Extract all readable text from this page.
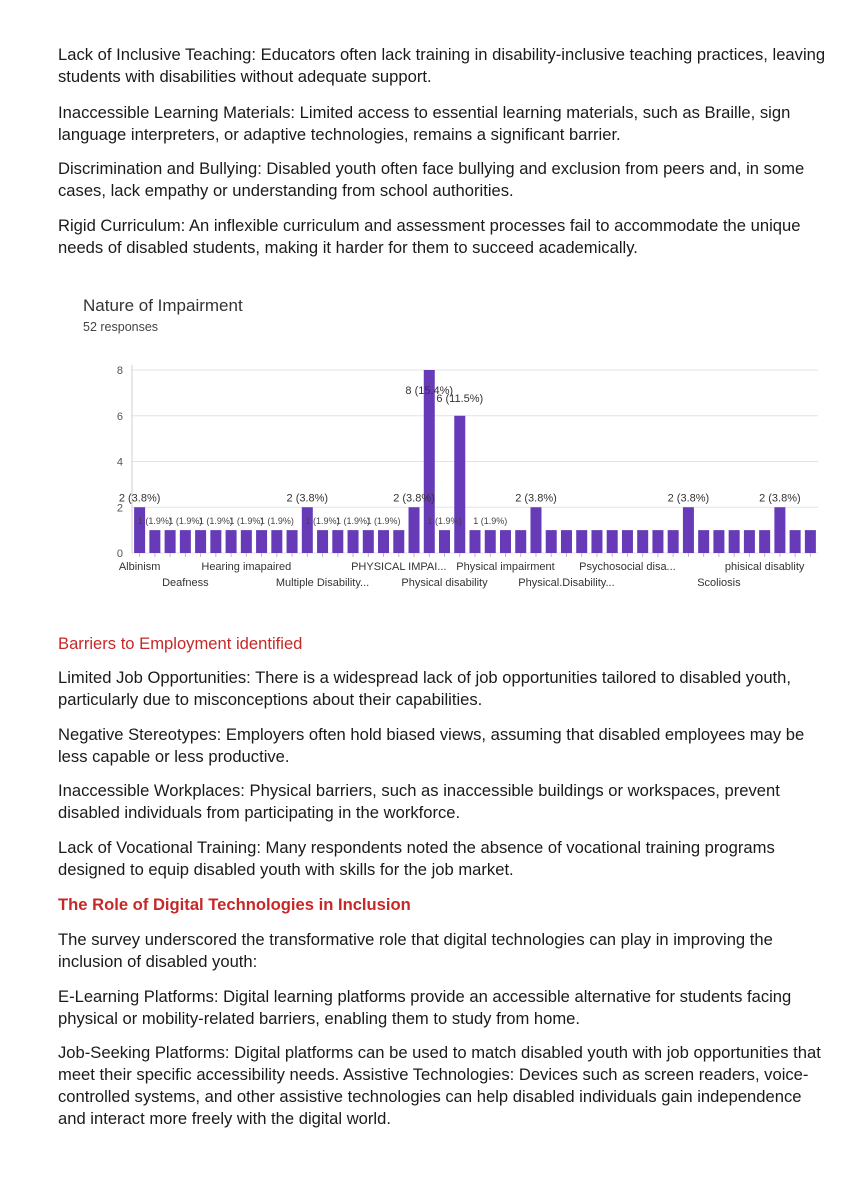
Lack of Inclusive Teaching: Educators often lack training in disability-inclusive teaching practices, leaving students with disabilities without adequate support.

Inaccessible Learning Materials: Limited access to essential learning materials, such as Braille, sign language interpreters, or adaptive technologies, remains a significant barrier.

Discrimination and Bullying: Disabled youth often face bullying and exclusion from peers and, in some cases, lack empathy or understanding from school authorities.

Rigid Curriculum: An inflexible curriculum and assessment processes fail to accommodate the unique needs of disabled students, making it harder for them to succeed academically.

Nature of Impairment

52 responses

0
2
4
6
8
2 (3.8%)	2 (3.8%)	2 (3.8%)
8 (15.4%)
6 (11.5%)
2 (3.8%)	2 (3.8%)	2 (3.8%)
1 (1.9%)
1 (1.9%)
1 (1.9%)
1 (1.9%)
1 (1.9%) 1 (1.9%)
1 (1.9%)
1 (1.9%)	1 (1.9%) 1 (1.9%)
Albinism	Hearing imapaired	PHYSICAL IMPAI... Physical impairment Psychosocial disa...	phisical disablity
Deafness	Multiple Disability...	Physical disability	Physical.Disability...	Scoliosis

Barriers to Employment identified

Limited Job Opportunities: There is a widespread lack of job opportunities tailored to disabled youth, particularly due to misconceptions about their capabilities.

Negative Stereotypes: Employers often hold biased views, assuming that disabled employees may be less capable or less productive.

Inaccessible Workplaces: Physical barriers, such as inaccessible buildings or workspaces, prevent disabled individuals from participating in the workforce.

Lack of Vocational Training: Many respondents noted the absence of vocational training programs designed to equip disabled youth with skills for the job market.

The Role of Digital Technologies in Inclusion

The survey underscored the transformative role that digital technologies can play in improving the inclusion of disabled youth:

E-Learning Platforms: Digital learning platforms provide an accessible alternative for students facing physical or mobility-related barriers, enabling them to study from home.

Job-Seeking Platforms: Digital platforms can be used to match disabled youth with job opportunities that meet their specific accessibility needs. Assistive Technologies: Devices such as screen readers, voice-controlled systems, and other assistive technologies can help disabled individuals gain independence and interact more freely with the digital world.
